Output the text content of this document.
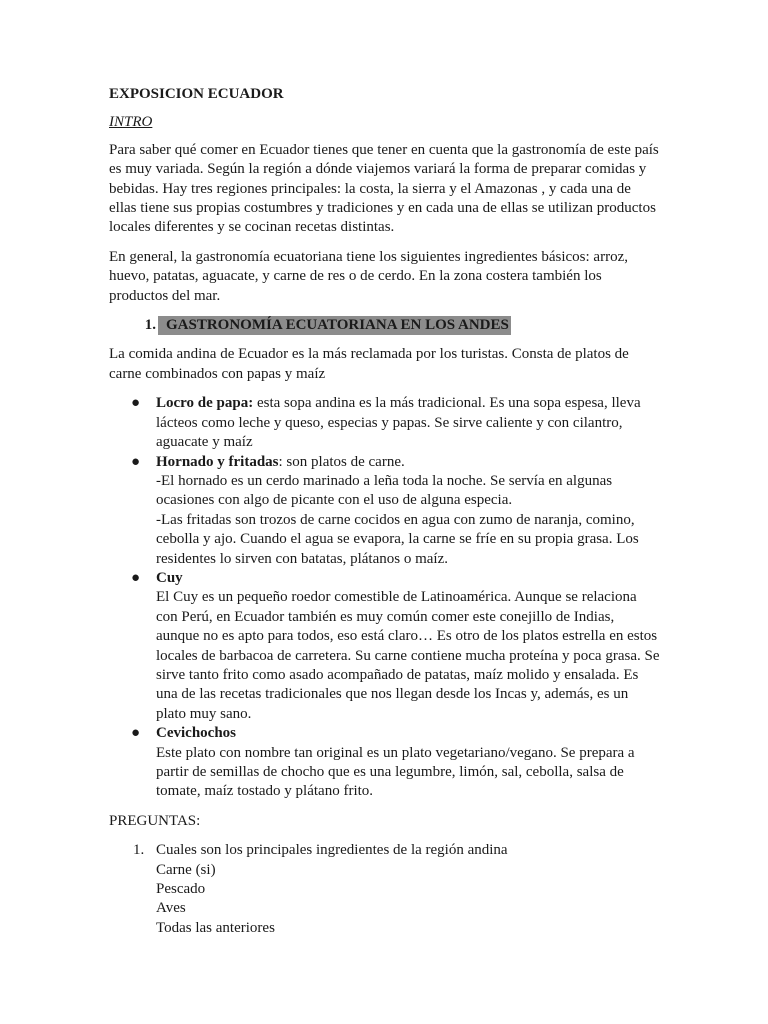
EXPOSICION ECUADOR

INTRO

Para saber qué comer en Ecuador tienes que tener en cuenta que la gastronomía de este país es muy variada. Según la región a dónde viajemos variará la forma de preparar comidas y bebidas. Hay tres regiones principales: la costa, la sierra y el Amazonas , y cada una de ellas tiene sus propias costumbres y tradiciones y en cada una de ellas se utilizan productos locales diferentes y se cocinan recetas distintas.

En general, la gastronomía ecuatoriana tiene los siguientes ingredientes básicos: arroz, huevo, patatas, aguacate, y carne de res o de cerdo. En la zona costera también los productos del mar.

1. GASTRONOMÍA ECUATORIANA EN LOS ANDES

La comida andina de Ecuador es la más reclamada por los turistas. Consta de platos de carne combinados con papas y maíz

● Locro de papa: esta sopa andina es la más tradicional. Es una sopa espesa, lleva lácteos como leche y queso, especias y papas. Se sirve caliente y con cilantro, aguacate y maíz
● Hornado y fritadas: son platos de carne.
-El hornado es un cerdo marinado a leña toda la noche. Se servía en algunas ocasiones con algo de picante con el uso de alguna especia.
-Las fritadas son trozos de carne cocidos en agua con zumo de naranja, comino, cebolla y ajo. Cuando el agua se evapora, la carne se fríe en su propia grasa. Los residentes lo sirven con batatas, plátanos o maíz.
● Cuy
El Cuy es un pequeño roedor comestible de Latinoamérica. Aunque se relaciona con Perú, en Ecuador también es muy común comer este conejillo de Indias, aunque no es apto para todos, eso está claro… Es otro de los platos estrella en estos locales de barbacoa de carretera. Su carne contiene mucha proteína y poca grasa. Se sirve tanto frito como asado acompañado de patatas, maíz molido y ensalada. Es una de las recetas tradicionales que nos llegan desde los Incas y, además, es un plato muy sano.
● Cevichochos
Este plato con nombre tan original es un plato vegetariano/vegano. Se prepara a partir de semillas de chocho que es una legumbre, limón, sal, cebolla, salsa de tomate, maíz tostado y plátano frito.

PREGUNTAS:

1. Cuales son los principales ingredientes de la región andina
Carne (si)
Pescado
Aves
Todas las anteriores
